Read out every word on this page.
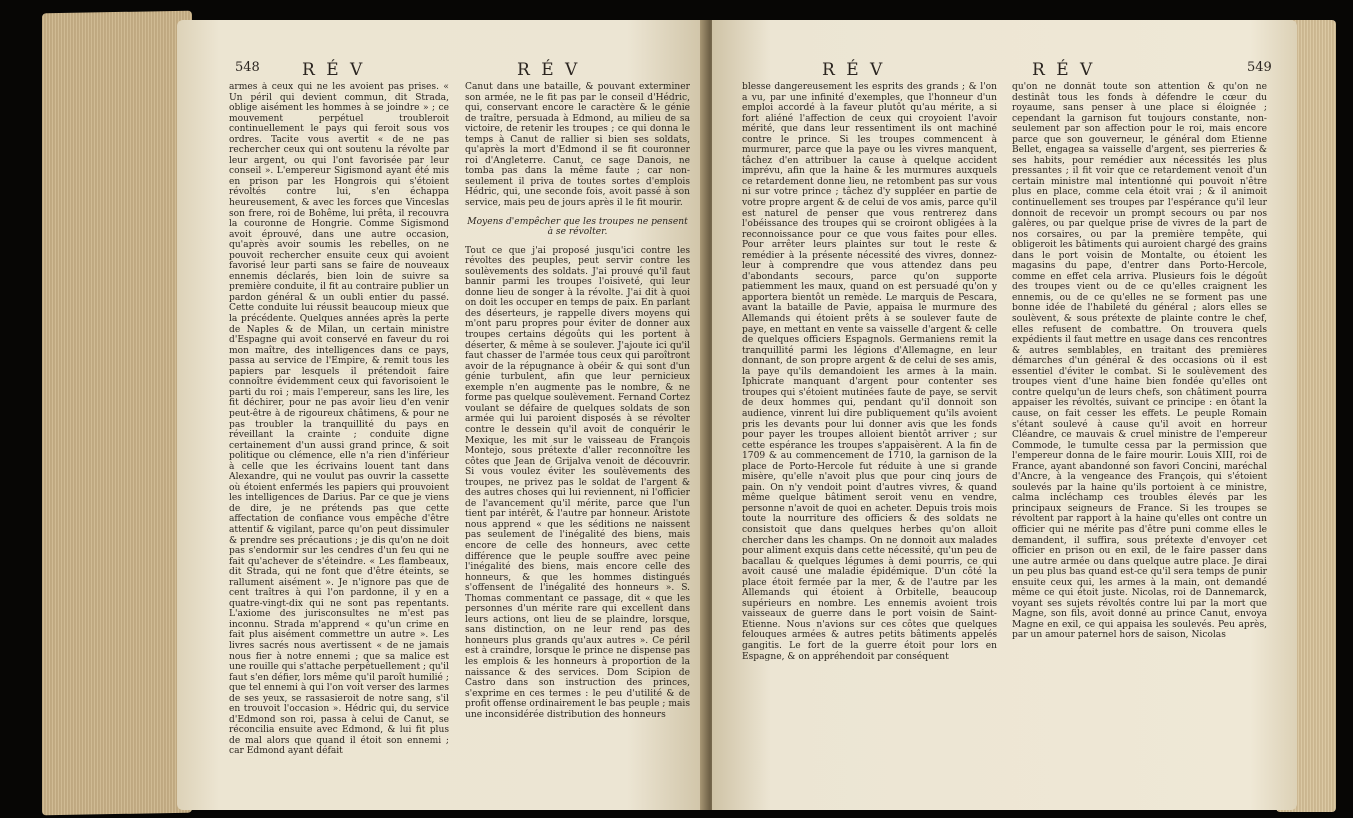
548 R É V	R É V

armes à ceux qui ne les avoient pas prises. « Un péril qui devient commun, dit Strada, oblige aisément les hommes à se joindre » ; ce mouvement perpétuel troubleroit continuellement le pays qui feroit sous vos ordres. Tacite vous avertit « de ne pas rechercher ceux qui ont soutenu la révolte par leur argent, ou qui l'ont favorisée par leur conseil ». L'empereur Sigismond ayant été mis en prison par les Hongrois qui s'étoient révoltés contre lui, s'en échappa heureusement, & avec les forces que Vinceslas son frere, roi de Bohême, lui prêta, il recouvra la couronne de Hongrie. Comme Sigismond avoit éprouvé, dans une autre occasion, qu'après avoir soumis les rebelles, on ne pouvoit rechercher ensuite ceux qui avoient favorisé leur parti sans se faire de nouveaux ennemis déclarés, bien loin de suivre sa première conduite, il fit au contraire publier un pardon général & un oubli entier du passé. Cette conduite lui réussit beaucoup mieux que la précédente. Quelques années après la perte de Naples & de Milan, un certain ministre d'Espagne qui avoit conservé en faveur du roi mon maître, des intelligences dans ce pays, passa au service de l'Empire, & remit tous les papiers par lesquels il prétendoit faire connoître évidemment ceux qui favorisoient le parti du roi ; mais l'empereur, sans les lire, les fit déchirer, pour ne pas avoir lieu d'en venir peut-être à de rigoureux châtimens, & pour ne pas troubler la tranquillité du pays en réveillant la crainte ; conduite digne certainement d'un aussi grand prince, & soit politique ou clémence, elle n'a rien d'inférieur à celle que les écrivains louent tant dans Alexandre, qui ne voulut pas ouvrir la cassette où étoient enfermés les papiers qui prouvoient les intelligences de Darius. Par ce que je viens de dire, je ne prétends pas que cette affectation de confiance vous empêche d'être attentif & vigilant, parce qu'on peut dissimuler & prendre ses précautions ; je dis qu'on ne doit pas s'endormir sur les cendres d'un feu qui ne fait qu'achever de s'éteindre. « Les flambeaux, dit Strada, qui ne font que d'être éteints, se rallument aisément ». Je n'ignore pas que de cent traîtres à qui l'on pardonne, il y en a quatre-vingt-dix qui ne sont pas repentants. L'axiome des jurisconsultes ne m'est pas inconnu. Strada m'apprend « qu'un crime en fait plus aisément commettre un autre ». Les livres sacrés nous avertissent « de ne jamais nous fier à notre ennemi ; que sa malice est une rouille qui s'attache perpétuellement ; qu'il faut s'en défier, lors même qu'il paroît humilié ; que tel ennemi à qui l'on voit verser des larmes de ses yeux, se rassasieroit de notre sang, s'il en trouvoit l'occasion ». Hédric qui, du service d'Edmond son roi, passa à celui de Canut, se réconcilia ensuite avec Edmond, & lui fit plus de mal alors que quand il étoit son ennemi ; car Edmond ayant défait

Canut dans une bataille, & pouvant exterminer son armée, ne le fit pas par le conseil d'Hédric, qui, conservant encore le caractère & le génie de traître, persuada à Edmond, au milieu de sa victoire, de retenir les troupes ; ce qui donna le temps à Canut de rallier si bien ses soldats, qu'après la mort d'Edmond il se fit couronner roi d'Angleterre. Canut, ce sage Danois, ne tomba pas dans la même faute ; car non-seulement il priva de toutes sortes d'emplois Hédric, qui, une seconde fois, avoit passé à son service, mais peu de jours après il le fit mourir.

Moyens d'empêcher que les troupes ne pensent à se révolter.

Tout ce que j'ai proposé jusqu'ici contre les révoltes des peuples, peut servir contre les soulèvements des soldats. J'ai prouvé qu'il faut bannir parmi les troupes l'oisiveté, qui leur donne lieu de songer à la révolte. J'ai dit à quoi on doit les occuper en temps de paix. En parlant des déserteurs, je rappelle divers moyens qui m'ont paru propres pour éviter de donner aux troupes certains dégoûts qui les portent à déserter, & même à se soulever. J'ajoute ici qu'il faut chasser de l'armée tous ceux qui paroîtront avoir de la répugnance à obéir & qui sont d'un génie turbulent, afin que leur pernicieux exemple n'en augmente pas le nombre, & ne forme pas quelque soulèvement. Fernand Cortez voulant se défaire de quelques soldats de son armée qui lui paroient disposés à se révolter contre le dessein qu'il avoit de conquérir le Mexique, les mit sur le vaisseau de François Montejo, sous prétexte d'aller reconnoître les côtes que Jean de Grijalva venoit de découvrir. Si vous voulez éviter les soulèvements des troupes, ne privez pas le soldat de l'argent & des autres choses qui lui reviennent, ni l'officier de l'avancement qu'il mérite, parce que l'un tient par intérêt, & l'autre par honneur. Aristote nous apprend « que les séditions ne naissent pas seulement de l'inégalité des biens, mais encore de celle des honneurs, avec cette différence que le peuple souffre avec peine l'inégalité des biens, mais encore celle des honneurs, & que les hommes distingués s'offensent de l'inégalité des honneurs ». S. Thomas commentant ce passage, dit « que les personnes d'un mérite rare qui excellent dans leurs actions, ont lieu de se plaindre, lorsque, sans distinction, on ne leur rend pas des honneurs plus grands qu'aux autres ». Ce péril est à craindre, lorsque le prince ne dispense pas les emplois & les honneurs à proportion de la naissance & des services. Dom Scipion de Castro dans son instruction des princes, s'exprime en ces termes : le peu d'utilité & de profit offense ordinairement le bas peuple ; mais une inconsidérée distribution des honneurs

R É V	R É V	549

blesse dangereusement les esprits des grands ; & l'on a vu, par une infinité d'exemples, que l'honneur d'un emploi accordé à la faveur plutôt qu'au mérite, a si fort aliéné l'affection de ceux qui croyoient l'avoir mérité, que dans leur ressentiment ils ont machiné contre le prince. Si les troupes commencent à murmurer, parce que la paye ou les vivres manquent, tâchez d'en attribuer la cause à quelque accident imprévu, afin que la haine & les murmures auxquels ce retardement donne lieu, ne retombent pas sur vous ni sur votre prince ; tâchez d'y suppléer en partie de votre propre argent & de celui de vos amis, parce qu'il est naturel de penser que vous rentrerez dans l'obéissance des troupes qui se croiront obligées à la reconnoissance pour ce que vous faites pour elles. Pour arrêter leurs plaintes sur tout le reste & remédier à la présente nécessité des vivres, donnez-leur à comprendre que vous attendez dans peu d'abondants secours, parce qu'on supporte patiemment les maux, quand on est persuadé qu'on y apportera bientôt un remède. Le marquis de Pescara, avant la bataille de Pavie, appaisa le murmure des Allemands qui étoient prêts à se soulever faute de paye, en mettant en vente sa vaisselle d'argent & celle de quelques officiers Espagnols. Germaniens remit la tranquillité parmi les légions d'Allemagne, en leur donnant, de son propre argent & de celui de ses amis, la paye qu'ils demandoient les armes à la main. Iphicrate manquant d'argent pour contenter ses troupes qui s'étoient mutinées faute de paye, se servit de deux hommes qui, pendant qu'il donnoit son audience, vinrent lui dire publiquement qu'ils avoient pris les devants pour lui donner avis que les fonds pour payer les troupes alloient bientôt arriver ; sur cette espérance les troupes s'appaisèrent. A la fin de 1709 & au commencement de 1710, la garnison de la place de Porto-Hercole fut réduite à une si grande misère, qu'elle n'avoit plus que pour cinq jours de pain. On n'y vendoit point d'autres vivres, & quand même quelque bâtiment seroit venu en vendre, personne n'avoit de quoi en acheter. Depuis trois mois toute la nourriture des officiers & des soldats ne consistoit que dans quelques herbes qu'on alloit chercher dans les champs. On ne donnoit aux malades pour aliment exquis dans cette nécessité, qu'un peu de bacallau & quelques légumes à demi pourris, ce qui avoit causé une maladie épidémique. D'un côté la place étoit fermée par la mer, & de l'autre par les Allemands qui étoient à Orbitelle, beaucoup supérieurs en nombre. Les ennemis avoient trois vaisseaux de guerre dans le port voisin de Saint-Etienne. Nous n'avions sur ces côtes que quelques felouques armées & autres petits bâtiments appelés gangitis. Le fort de la guerre étoit pour lors en Espagne, & on appréhendoit par conséquent

qu'on ne donnât toute son attention & qu'on ne destinât tous les fonds à défendre le cœur du royaume, sans penser à une place si éloignée ; cependant la garnison fut toujours constante, non-seulement par son affection pour le roi, mais encore parce que son gouverneur, le général dom Etienne Bellet, engagea sa vaisselle d'argent, ses pierreries & ses habits, pour remédier aux nécessités les plus pressantes ; il fit voir que ce retardement venoit d'un certain ministre mal intentionné qui pouvoit n'être plus en place, comme cela étoit vrai ; & il animoit continuellement ses troupes par l'espérance qu'il leur donnoit de recevoir un prompt secours ou par nos galères, ou par quelque prise de vivres de la part de nos corsaires, ou par la première tempête, qui obligeroit les bâtiments qui auroient chargé des grains dans le port voisin de Montalte, ou étoient les magasins du pape, d'entrer dans Porto-Hercole, comme en effet cela arriva. Plusieurs fois le dégoût des troupes vient ou de ce qu'elles craignent les ennemis, ou de ce qu'elles ne se forment pas une bonne idée de l'habileté du général ; alors elles se soulèvent, & sous prétexte de plainte contre le chef, elles refusent de combattre. On trouvera quels expédients il faut mettre en usage dans ces rencontres & autres semblables, en traitant des premières démarches d'un général & des occasions où il est essentiel d'éviter le combat. Si le soulèvement des troupes vient d'une haine bien fondée qu'elles ont contre quelqu'un de leurs chefs, son châtiment pourra appaiser les révoltés, suivant ce principe : en ôtant la cause, on fait cesser les effets. Le peuple Romain s'étant soulevé à cause qu'il avoit en horreur Cléandre, ce mauvais & cruel ministre de l'empereur Commode, le tumulte cessa par la permission que l'empereur donna de le faire mourir. Louis XIII, roi de France, ayant abandonné son favori Concini, maréchal d'Ancre, à la vengeance des François, qui s'étoient soulevés par la haine qu'ils portoient à ce ministre, calma incléchamp ces troubles élevés par les principaux seigneurs de France. Si les troupes se révoltent par rapport à la haine qu'elles ont contre un officier qui ne mérite pas d'être puni comme elles le demandent, il suffira, sous prétexte d'envoyer cet officier en prison ou en exil, de le faire passer dans une autre armée ou dans quelque autre place. Je dirai un peu plus bas quand est-ce qu'il sera temps de punir ensuite ceux qui, les armes à la main, ont demandé même ce qui étoit juste. Nicolas, roi de Dannemarck, voyant ses sujets révoltés contre lui par la mort que Magne, son fils, avoit donné au prince Canut, envoya Magne en exil, ce qui appaisa les soulevés. Peu après, par un amour paternel hors de saison, Nicolas
